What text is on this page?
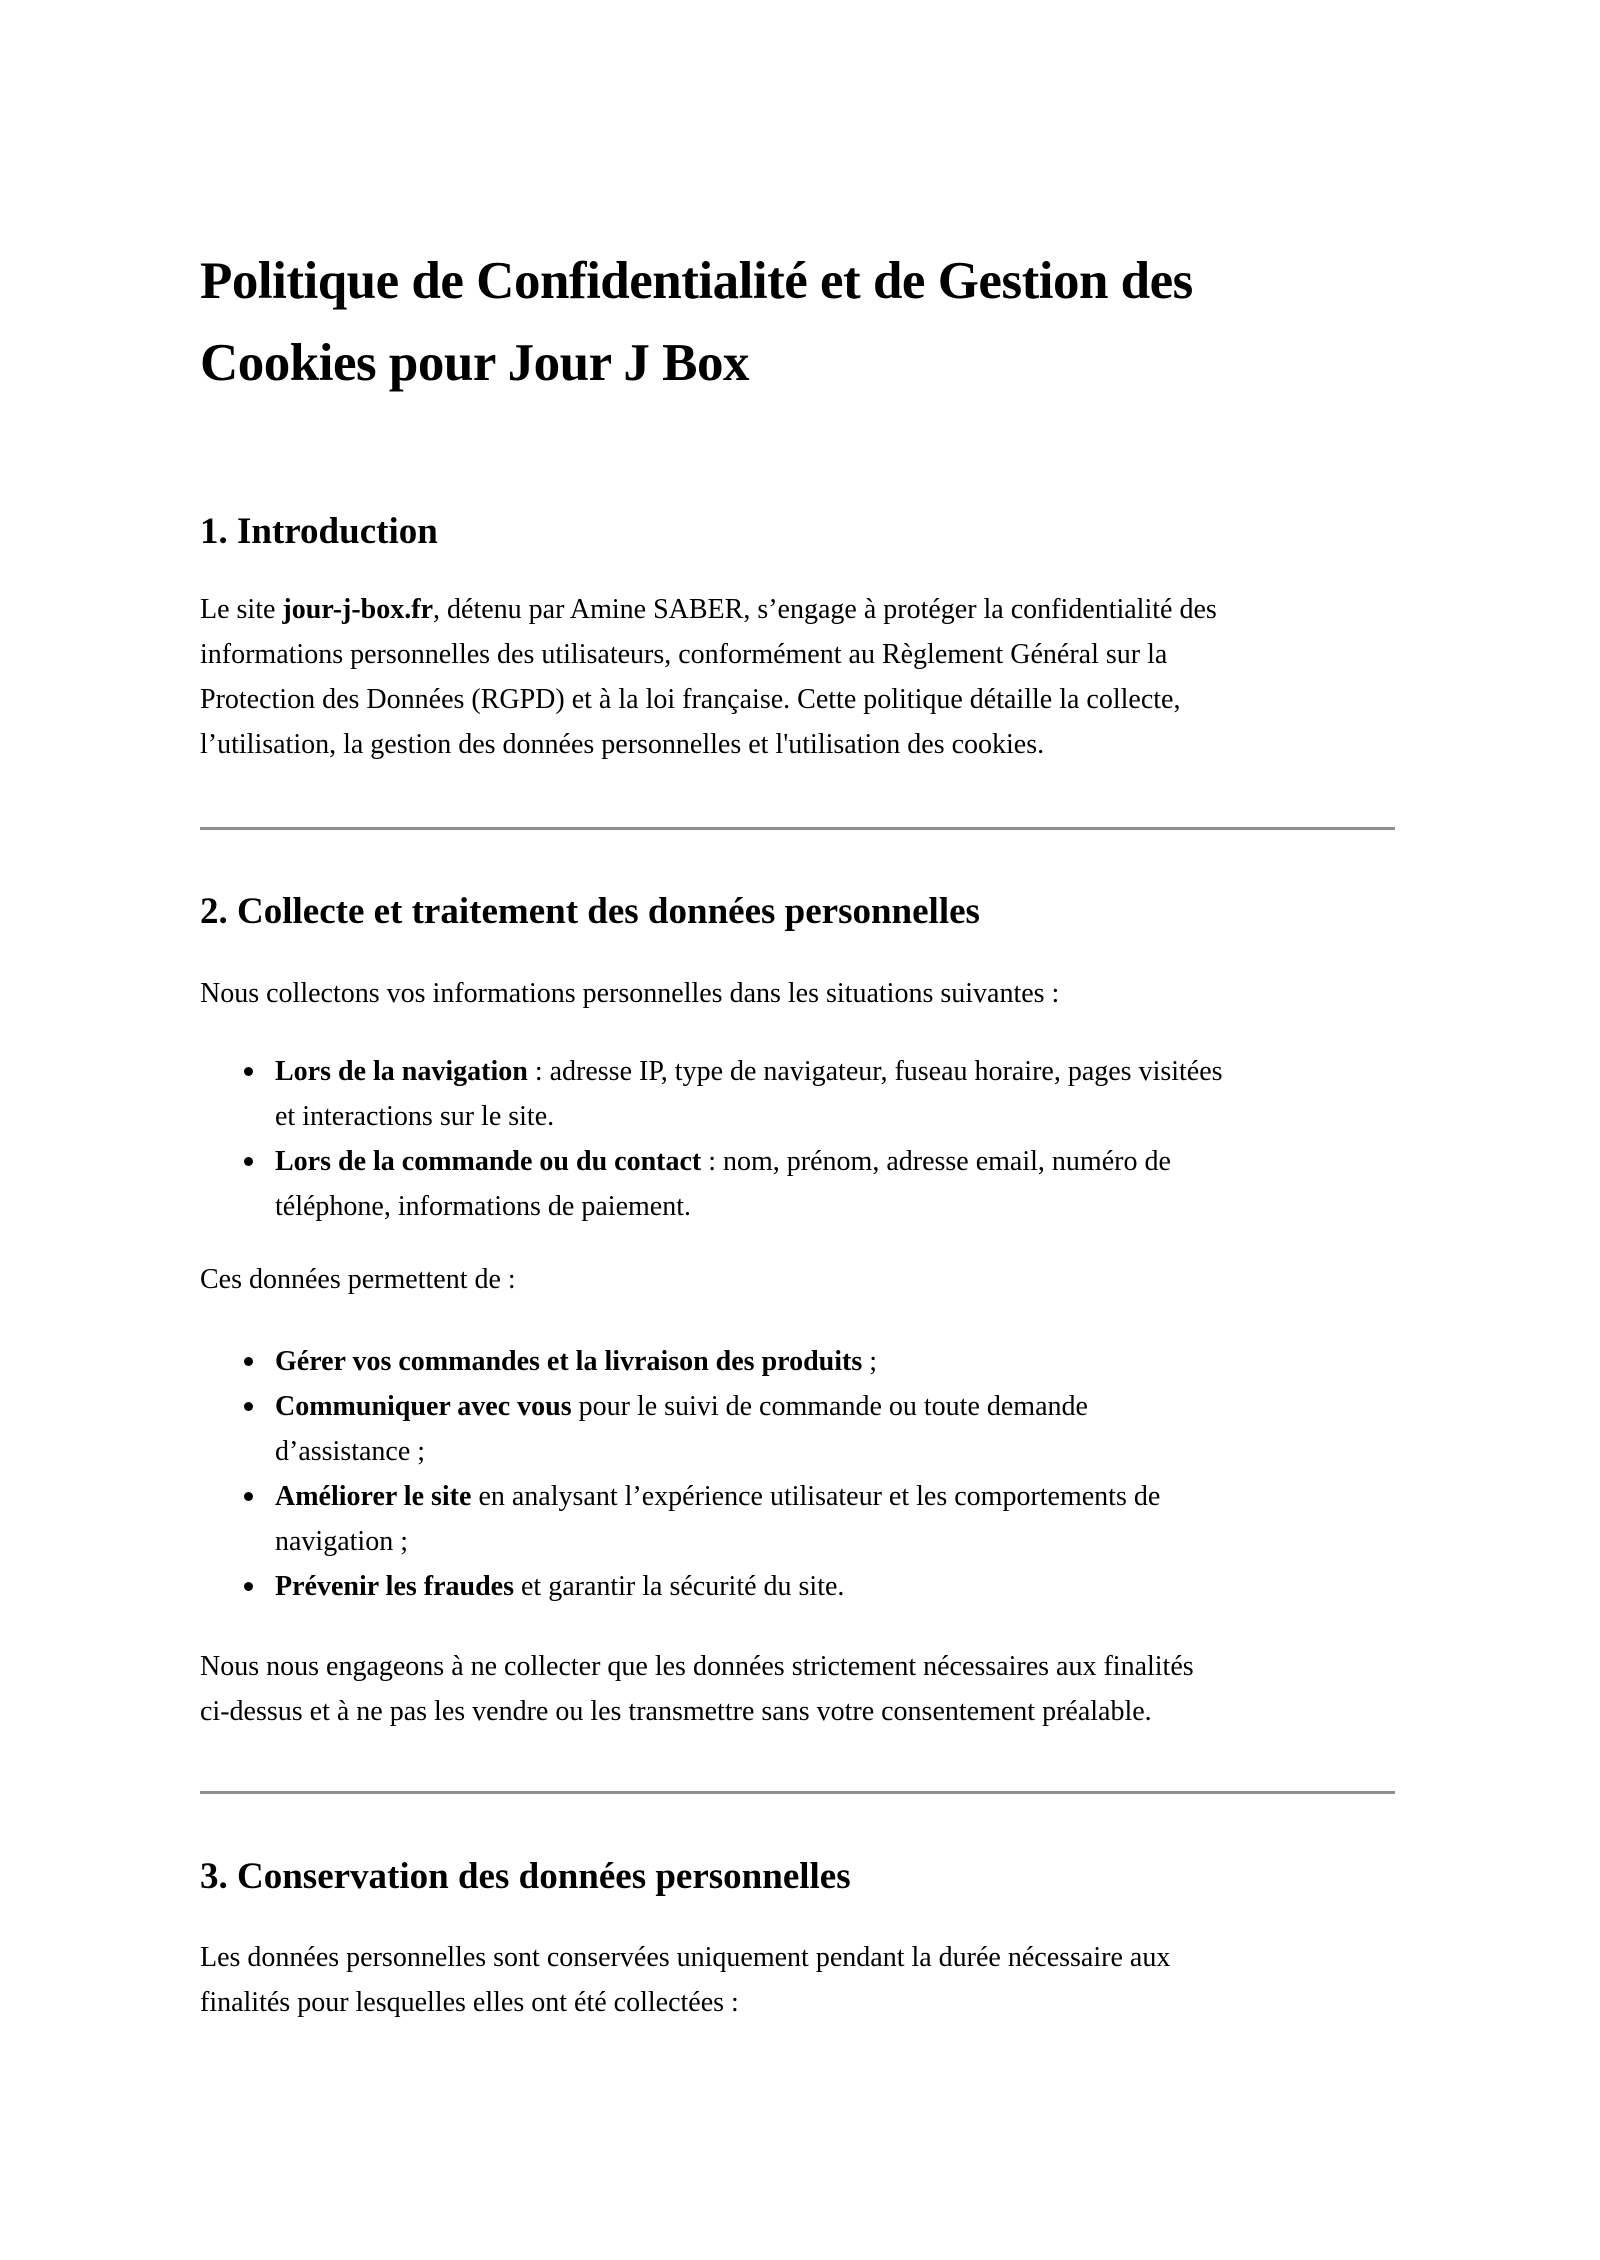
Politique de Confidentialité et de Gestion des
Cookies pour Jour J Box
1. Introduction
Le site jour-j-box.fr, détenu par Amine SABER, s’engage à protéger la confidentialité des
informations personnelles des utilisateurs, conformément au Règlement Général sur la
Protection des Données (RGPD) et à la loi française. Cette politique détaille la collecte,
l’utilisation, la gestion des données personnelles et l'utilisation des cookies.
2. Collecte et traitement des données personnelles
Nous collectons vos informations personnelles dans les situations suivantes :
Lors de la navigation : adresse IP, type de navigateur, fuseau horaire, pages visitées
et interactions sur le site.
Lors de la commande ou du contact : nom, prénom, adresse email, numéro de
téléphone, informations de paiement.
Ces données permettent de :
Gérer vos commandes et la livraison des produits ;
Communiquer avec vous pour le suivi de commande ou toute demande
d’assistance ;
Améliorer le site en analysant l’expérience utilisateur et les comportements de
navigation ;
Prévenir les fraudes et garantir la sécurité du site.
Nous nous engageons à ne collecter que les données strictement nécessaires aux finalités
ci-dessus et à ne pas les vendre ou les transmettre sans votre consentement préalable.
3. Conservation des données personnelles
Les données personnelles sont conservées uniquement pendant la durée nécessaire aux
finalités pour lesquelles elles ont été collectées :
